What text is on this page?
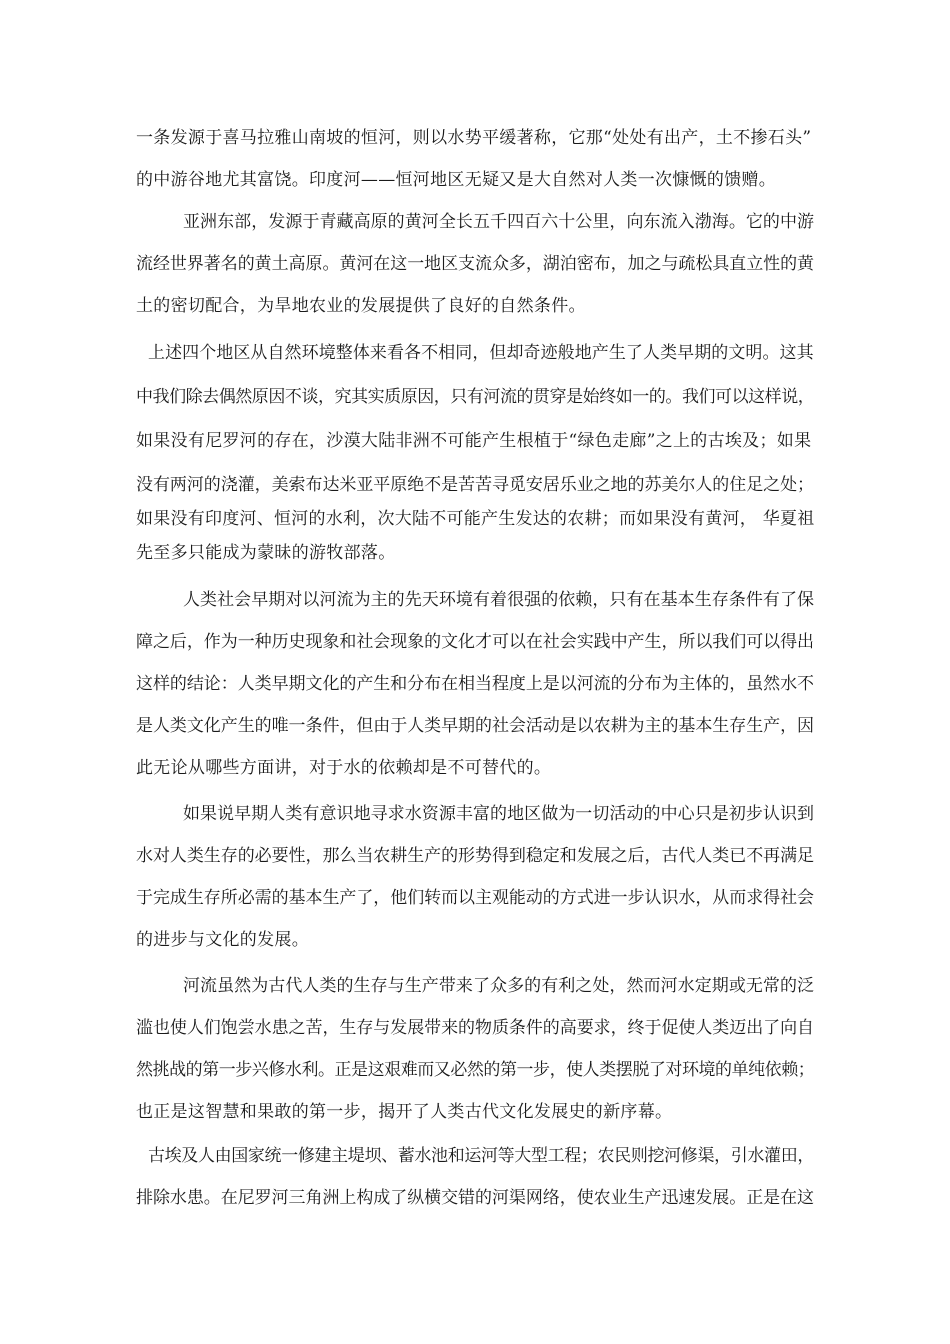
一条发源于喜马拉雅山南坡的恒河，则以水势平缓著称，它那“处处有出产，土不掺石头”
的中游谷地尤其富饶。印度河——恒河地区无疑又是大自然对人类一次慷慨的馈赠。
亚洲东部，发源于青藏高原的黄河全长五千四百六十公里，向东流入渤海。它的中游
流经世界著名的黄土高原。黄河在这一地区支流众多，湖泊密布，加之与疏松具直立性的黄
土的密切配合，为旱地农业的发展提供了良好的自然条件。
上述四个地区从自然环境整体来看各不相同，但却奇迹般地产生了人类早期的文明。这其
中我们除去偶然原因不谈，究其实质原因，只有河流的贯穿是始终如一的。我们可以这样说，
如果没有尼罗河的存在，沙漠大陆非洲不可能产生根植于“绿色走廊”之上的古埃及；如果
没有两河的浇灌，美索布达米亚平原绝不是苦苦寻觅安居乐业之地的苏美尔人的住足之处；
如果没有印度河、恒河的水利，次大陆不可能产生发达的农耕；而如果没有黄河， 华夏祖
先至多只能成为蒙昧的游牧部落。
人类社会早期对以河流为主的先天环境有着很强的依赖，只有在基本生存条件有了保
障之后，作为一种历史现象和社会现象的文化才可以在社会实践中产生，所以我们可以得出
这样的结论：人类早期文化的产生和分布在相当程度上是以河流的分布为主体的，虽然水不
是人类文化产生的唯一条件，但由于人类早期的社会活动是以农耕为主的基本生存生产，因
此无论从哪些方面讲，对于水的依赖却是不可替代的。
如果说早期人类有意识地寻求水资源丰富的地区做为一切活动的中心只是初步认识到
水对人类生存的必要性，那么当农耕生产的形势得到稳定和发展之后，古代人类已不再满足
于完成生存所必需的基本生产了，他们转而以主观能动的方式进一步认识水，从而求得社会
的进步与文化的发展。
河流虽然为古代人类的生存与生产带来了众多的有利之处，然而河水定期或无常的泛
滥也使人们饱尝水患之苦，生存与发展带来的物质条件的高要求，终于促使人类迈出了向自
然挑战的第一步兴修水利。正是这艰难而又必然的第一步，使人类摆脱了对环境的单纯依赖；
也正是这智慧和果敢的第一步，揭开了人类古代文化发展史的新序幕。
古埃及人由国家统一修建主堤坝、蓄水池和运河等大型工程；农民则挖河修渠，引水灌田，
排除水患。在尼罗河三角洲上构成了纵横交错的河渠网络，使农业生产迅速发展。正是在这
